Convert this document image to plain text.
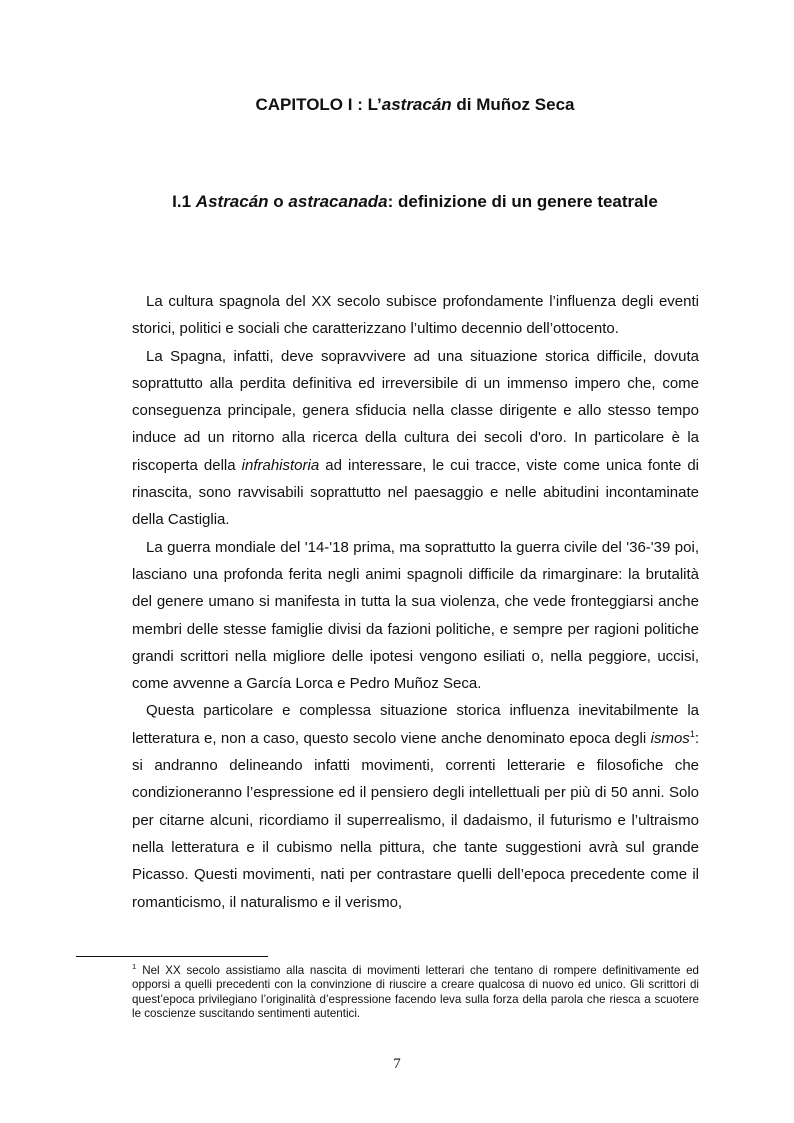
CAPITOLO I : L’astracán di Muñoz Seca
I.1 Astracán o astracanada: definizione di un genere teatrale

La cultura spagnola del XX secolo subisce profondamente l’influenza degli eventi storici, politici e sociali che caratterizzano l’ultimo decennio dell’ottocento.

La Spagna, infatti, deve sopravvivere ad una situazione storica difficile, dovuta soprattutto alla perdita definitiva ed irreversibile di un immenso impero che, come conseguenza principale, genera sfiducia nella classe dirigente e allo stesso tempo induce ad un ritorno alla ricerca della cultura dei secoli d'oro. In particolare è la riscoperta della infrahistoria ad interessare, le cui tracce, viste come unica fonte di rinascita, sono ravvisabili soprattutto nel paesaggio e nelle abitudini incontaminate della Castiglia.

La guerra mondiale del '14-'18 prima, ma soprattutto la guerra civile del '36-'39 poi, lasciano una profonda ferita negli animi spagnoli difficile da rimarginare: la brutalità del genere umano si manifesta in tutta la sua violenza, che vede fronteggiarsi anche membri delle stesse famiglie divisi da fazioni politiche, e sempre per ragioni politiche grandi scrittori nella migliore delle ipotesi vengono esiliati o, nella peggiore, uccisi, come avvenne a García Lorca e Pedro Muñoz Seca.

Questa particolare e complessa situazione storica influenza inevitabilmente la letteratura e, non a caso, questo secolo viene anche denominato epoca degli ismos$^1$: si andranno delineando infatti movimenti, correnti letterarie e filosofiche che condizioneranno l’espressione ed il pensiero degli intellettuali per più di 50 anni. Solo per citarne alcuni, ricordiamo il superrealismo, il dadaismo, il futurismo e l’ultraismo nella letteratura e il cubismo nella pittura, che tante suggestioni avrà sul grande Picasso. Questi movimenti, nati per contrastare quelli dell’epoca precedente come il romanticismo, il naturalismo e il verismo,

$^1$ Nel XX secolo assistiamo alla nascita di movimenti letterari che tentano di rompere definitivamente ed opporsi a quelli precedenti con la convinzione di riuscire a creare qualcosa di nuovo ed unico. Gli scrittori di quest’epoca privilegiano l’originalità d’espressione facendo leva sulla forza della parola che riesca a scuotere le coscienze suscitando sentimenti autentici.

7
